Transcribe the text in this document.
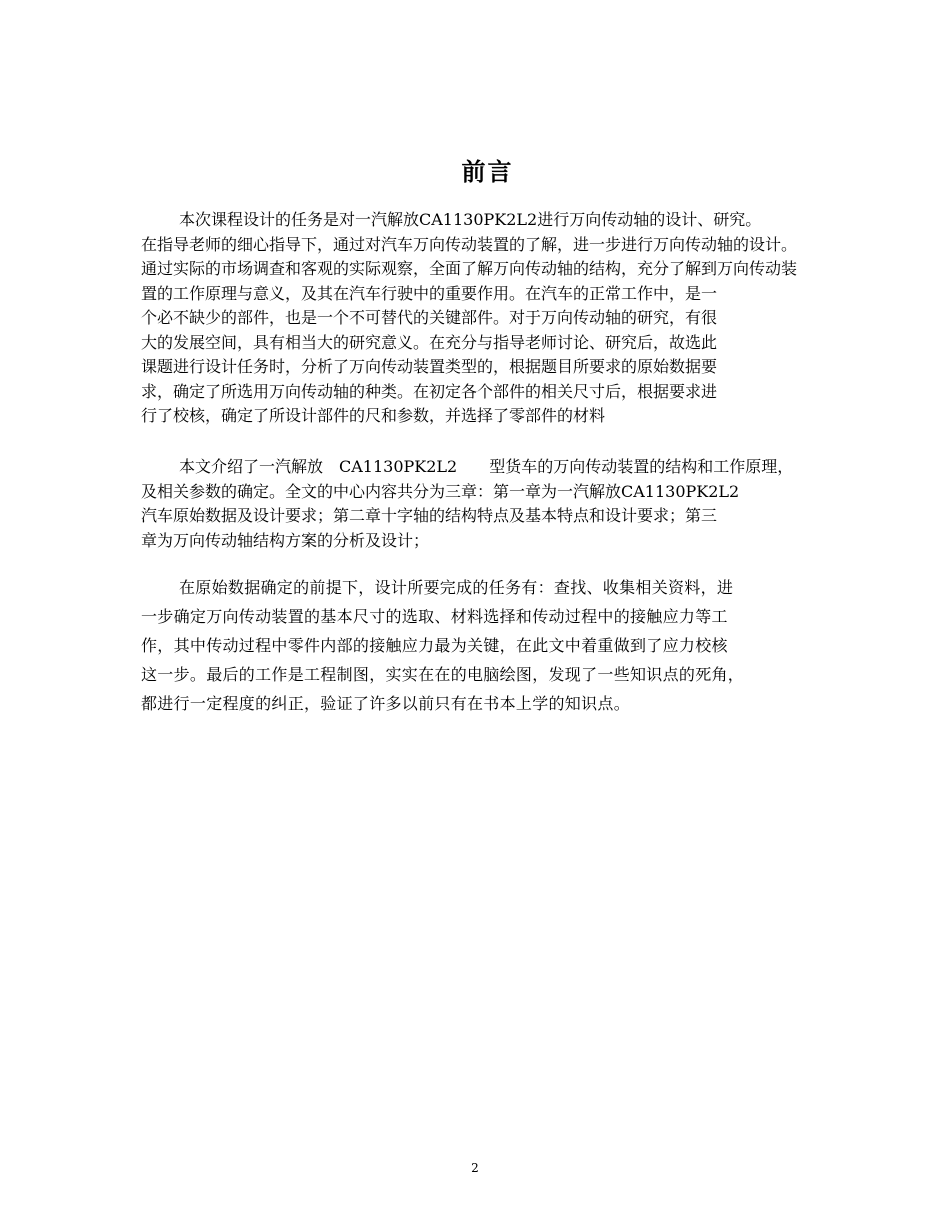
前言
本次课程设计的任务是对一汽解放CA1130PK2L2进行万向传动轴的设计、研究。
在指导老师的细心指导下，通过对汽车万向传动装置的了解，进一步进行万向传动轴的设计。
通过实际的市场调查和客观的实际观察，全面了解万向传动轴的结构，充分了解到万向传动装
置的工作原理与意义，及其在汽车行驶中的重要作用。在汽车的正常工作中，是一
个必不缺少的部件，也是一个不可替代的关键部件。对于万向传动轴的研究，有很
大的发展空间，具有相当大的研究意义。在充分与指导老师讨论、研究后，故选此
课题进行设计任务时，分析了万向传动装置类型的，根据题目所要求的原始数据要
求，确定了所选用万向传动轴的种类。在初定各个部件的相关尺寸后，根据要求进
行了校核，确定了所设计部件的尺和参数，并选择了零部件的材料
本文介绍了一汽解放　CA1130PK2L2　　型货车的万向传动装置的结构和工作原理，
及相关参数的确定。全文的中心内容共分为三章：第一章为一汽解放CA1130PK2L2
汽车原始数据及设计要求；第二章十字轴的结构特点及基本特点和设计要求；第三
章为万向传动轴结构方案的分析及设计；
在原始数据确定的前提下，设计所要完成的任务有：查找、收集相关资料，进
一步确定万向传动装置的基本尺寸的选取、材料选择和传动过程中的接触应力等工
作，其中传动过程中零件内部的接触应力最为关键，在此文中着重做到了应力校核
这一步。最后的工作是工程制图，实实在在的电脑绘图，发现了一些知识点的死角，
都进行一定程度的纠正，验证了许多以前只有在书本上学的知识点。
2
